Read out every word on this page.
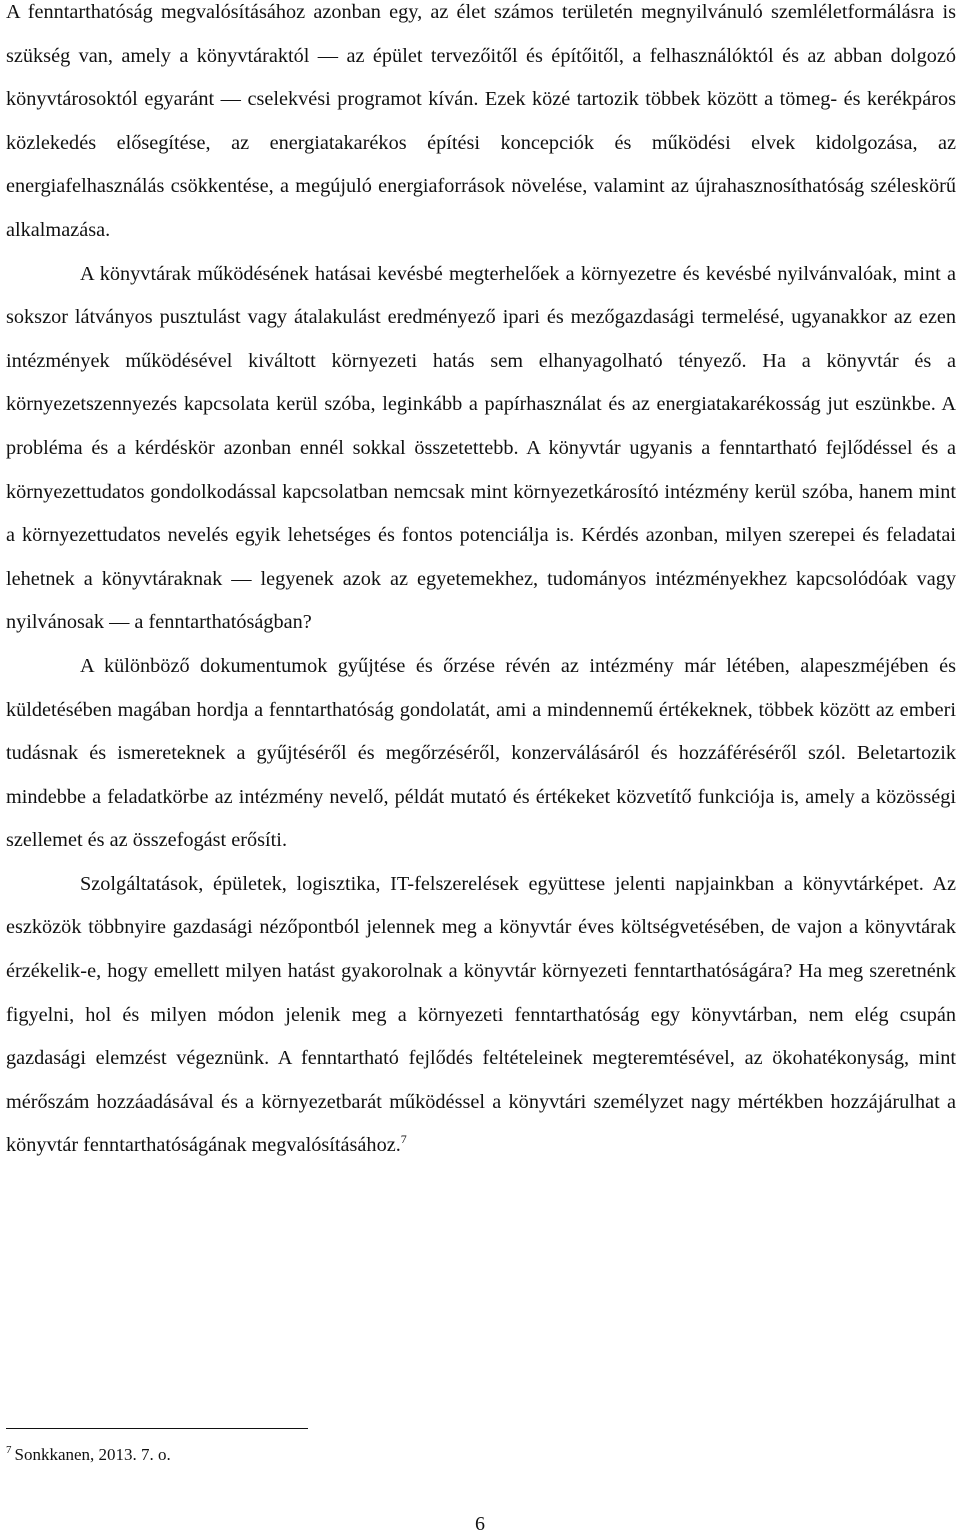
A fenntarthatóság megvalósításához azonban egy, az élet számos területén megnyilvánuló szemléletformálásra is szükség van, amely a könyvtáraktól — az épület tervezőitől és építőitől, a felhasználóktól és az abban dolgozó könyvtárosoktól egyaránt — cselekvési programot kíván. Ezek közé tartozik többek között a tömeg- és kerékpáros közlekedés elősegítése, az energiatakarékos építési koncepciók és működési elvek kidolgozása, az energiafelhasználás csökkentése, a megújuló energiaforrások növelése, valamint az újrahasznosíthatóság széleskörű alkalmazása.

A könyvtárak működésének hatásai kevésbé megterhelőek a környezetre és kevésbé nyilvánvalóak, mint a sokszor látványos pusztulást vagy átalakulást eredményező ipari és mezőgazdasági termelésé, ugyanakkor az ezen intézmények működésével kiváltott környezeti hatás sem elhanyagolható tényező. Ha a könyvtár és a környezetszennyezés kapcsolata kerül szóba, leginkább a papírhasználat és az energiatakarékosság jut eszünkbe. A probléma és a kérdéskör azonban ennél sokkal összetettebb. A könyvtár ugyanis a fenntartható fejlődéssel és a környezettudatos gondolkodással kapcsolatban nemcsak mint környezetkárosító intézmény kerül szóba, hanem mint a környezettudatos nevelés egyik lehetséges és fontos potenciálja is. Kérdés azonban, milyen szerepei és feladatai lehetnek a könyvtáraknak — legyenek azok az egyetemekhez, tudományos intézményekhez kapcsolódóak vagy nyilvánosak — a fenntarthatóságban?

A különböző dokumentumok gyűjtése és őrzése révén az intézmény már létében, alapeszméjében és küldetésében magában hordja a fenntarthatóság gondolatát, ami a mindennemű értékeknek, többek között az emberi tudásnak és ismereteknek a gyűjtéséről és megőrzéséről, konzerválásáról és hozzáféréséről szól. Beletartozik mindebbe a feladatkörbe az intézmény nevelő, példát mutató és értékeket közvetítő funkciója is, amely a közösségi szellemet és az összefogást erősíti.

Szolgáltatások, épületek, logisztika, IT-felszerelések együttese jelenti napjainkban a könyvtárképet. Az eszközök többnyire gazdasági nézőpontból jelennek meg a könyvtár éves költségvetésében, de vajon a könyvtárak érzékelik-e, hogy emellett milyen hatást gyakorolnak a könyvtár környezeti fenntarthatóságára? Ha meg szeretnénk figyelni, hol és milyen módon jelenik meg a környezeti fenntarthatóság egy könyvtárban, nem elég csupán gazdasági elemzést végeznünk. A fenntartható fejlődés feltételeinek megteremtésével, az ökohatékonyság, mint mérőszám hozzáadásával és a környezetbarát működéssel a könyvtári személyzet nagy mértékben hozzájárulhat a könyvtár fenntarthatóságának megvalósításához.$^7$

$^7$ Sonkkanen, 2013. 7. o.
6
